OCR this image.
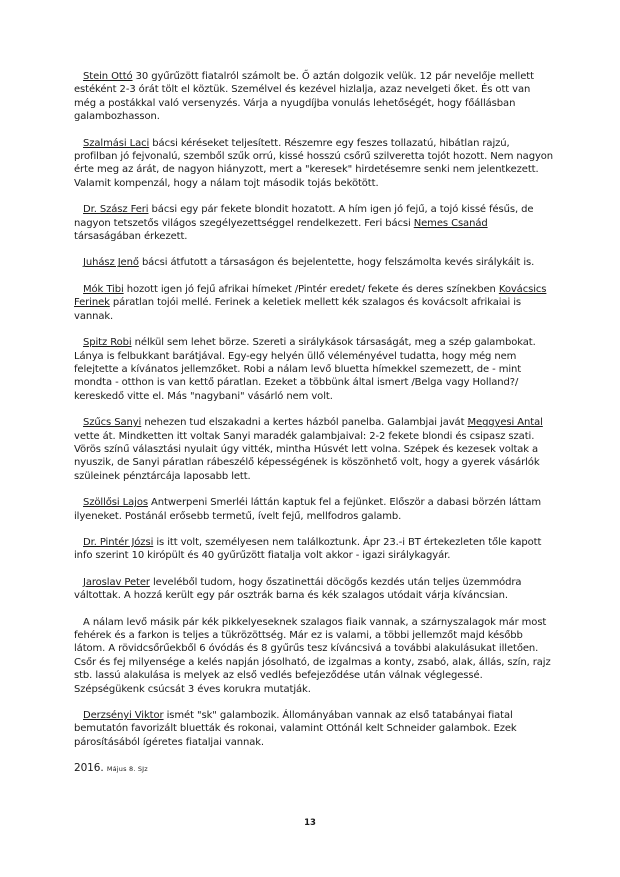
Stein Ottó 30 gyűrűzött fiatalról számolt be. Ő aztán dolgozik velük. 12 pár nevelője mellett estéként 2-3 órát tölt el köztük. Személvel és kezével hizlalja, azaz nevelgeti őket. És ott van még a postákkal való versenyzés. Várja a nyugdíjba vonulás lehetőségét, hogy főállásban galambozhasson.

Szalmási Laci bácsi kéréseket teljesített. Részemre egy feszes tollazatú, hibátlan rajzú, profilban jó fejvonalú, szemből szűk orrú, kissé hosszú csőrű szilveretta tojót hozott. Nem nagyon érte meg az árát, de nagyon hiányzott, mert a "keresek" hirdetésemre senki nem jelentkezett. Valamit kompenzál, hogy a nálam tojt második tojás bekötött.

Dr. Szász Feri bácsi egy pár fekete blondit hozatott. A hím igen jó fejű, a tojó kissé fésűs, de nagyon tetszetős világos szegélyezettséggel rendelkezett. Feri bácsi Nemes Csanád társaságában érkezett.

Juhász Jenő bácsi átfutott a társaságon és bejelentette, hogy felszámolta kevés sirálykáit is.

Mók Tibi hozott igen jó fejű afrikai hímeket /Pintér eredet/ fekete és deres színekben Kovácsics Ferinek páratlan tojói mellé. Ferinek a keletiek mellett kék szalagos és kovácsolt afrikaiai is vannak.

Spitz Robi nélkül sem lehet börze. Szereti a sirálykások társaságát, meg a szép galambokat. Lánya is felbukkant barátjával. Egy-egy helyén üllő véleményével tudatta, hogy még nem felejtette a kívánatos jellemzőket. Robi a nálam levő bluetta hímekkel szemezett, de - mint mondta - otthon is van kettő páratlan. Ezeket a többünk által ismert /Belga vagy Holland?/ kereskedő vitte el. Más "nagybani" vásárló nem volt.

Szűcs Sanyi nehezen tud elszakadni a kertes házból panelba. Galambjai javát Meggyesi Antal vette át. Mindketten itt voltak Sanyi maradék galambjaival: 2-2 fekete blondi és csipasz szati. Vörös színű választási nyulait úgy vitték, mintha Húsvét lett volna. Szépek és kezesek voltak a nyuszik, de Sanyi páratlan rábeszélő képességének is köszönhető volt, hogy a gyerek vásárlók szüleinek pénztárcája laposabb lett.

Szöllősi Lajos Antwerpeni Smerléi láttán kaptuk fel a fejünket. Először a dabasi börzén láttam ilyeneket. Postánál erősebb termetű, ívelt fejű, mellfodros galamb.

Dr. Pintér Józsi is itt volt, személyesen nem találkoztunk. Ápr 23.-i BT értekezleten tőle kapott info szerint 10 kirópült és 40 gyűrűzött fiatalja volt akkor - igazi sirálykagyár.

Jaroslav Peter leveléből tudom, hogy őszatinettái döcögős kezdés után teljes üzemmódra váltottak. A hozzá került egy pár osztrák barna és kék szalagos utódait várja kíváncsian.

A nálam levő másik pár kék pikkelyeseknek szalagos fiaik vannak, a szárnyszalagok már most fehérek és a farkon is teljes a tükrözöttség. Már ez is valami, a többi jellemzőt majd később látom. A rövidcsőrűekből 6 óvódás és 8 gyűrűs tesz kíváncsivá a további alakulásukat illetően. Csőr és fej milyensége a kelés napján jósolható, de izgalmas a konty, zsabó, alak, állás, szín, rajz stb. lassú alakulása is melyek az első vedlés befejeződése után válnak véglegessé. Szépségükenk csúcsát 3 éves korukra mutatják.

Derzsényi Viktor ismét "sk" galambozik. Állományában vannak az első tatabányai fiatal bemutatón favorizált bluetták és rokonai, valamint Ottónál kelt Schneider galambok. Ezek párosításából ígéretes fiataljai vannak.

2016. Május 8. SJz
13
